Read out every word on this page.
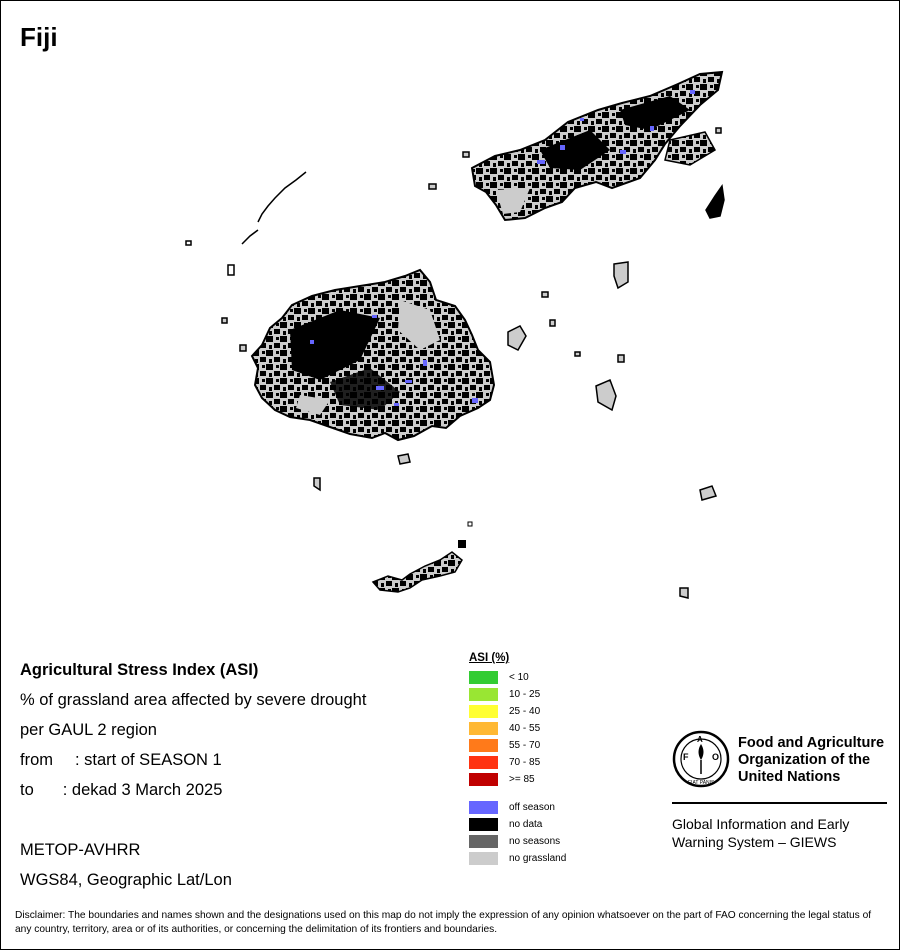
Fiji
Agricultural Stress Index (ASI)
% of grassland area affected by severe drought
per GAUL 2 region
from : start of SEASON 1
to : dekad 3 March 2025
METOP-AVHRR
WGS84, Geographic Lat/Lon
ASI (%)
< 10
10 - 25
25 - 40
40 - 55
55 - 70
70 - 85
>= 85
off season
no data
no seasons
no grassland
F
A
O
FIAT PANIS
Food and Agriculture
Organization of the
United Nations
Global Information and Early
Warning System – GIEWS
Disclaimer: The boundaries and names shown and the designations used on this map do not imply the expression of any opinion whatsoever on the part of FAO concerning the legal status of any country, territory, area or of its authorities, or concerning the delimitation of its frontiers and boundaries.
